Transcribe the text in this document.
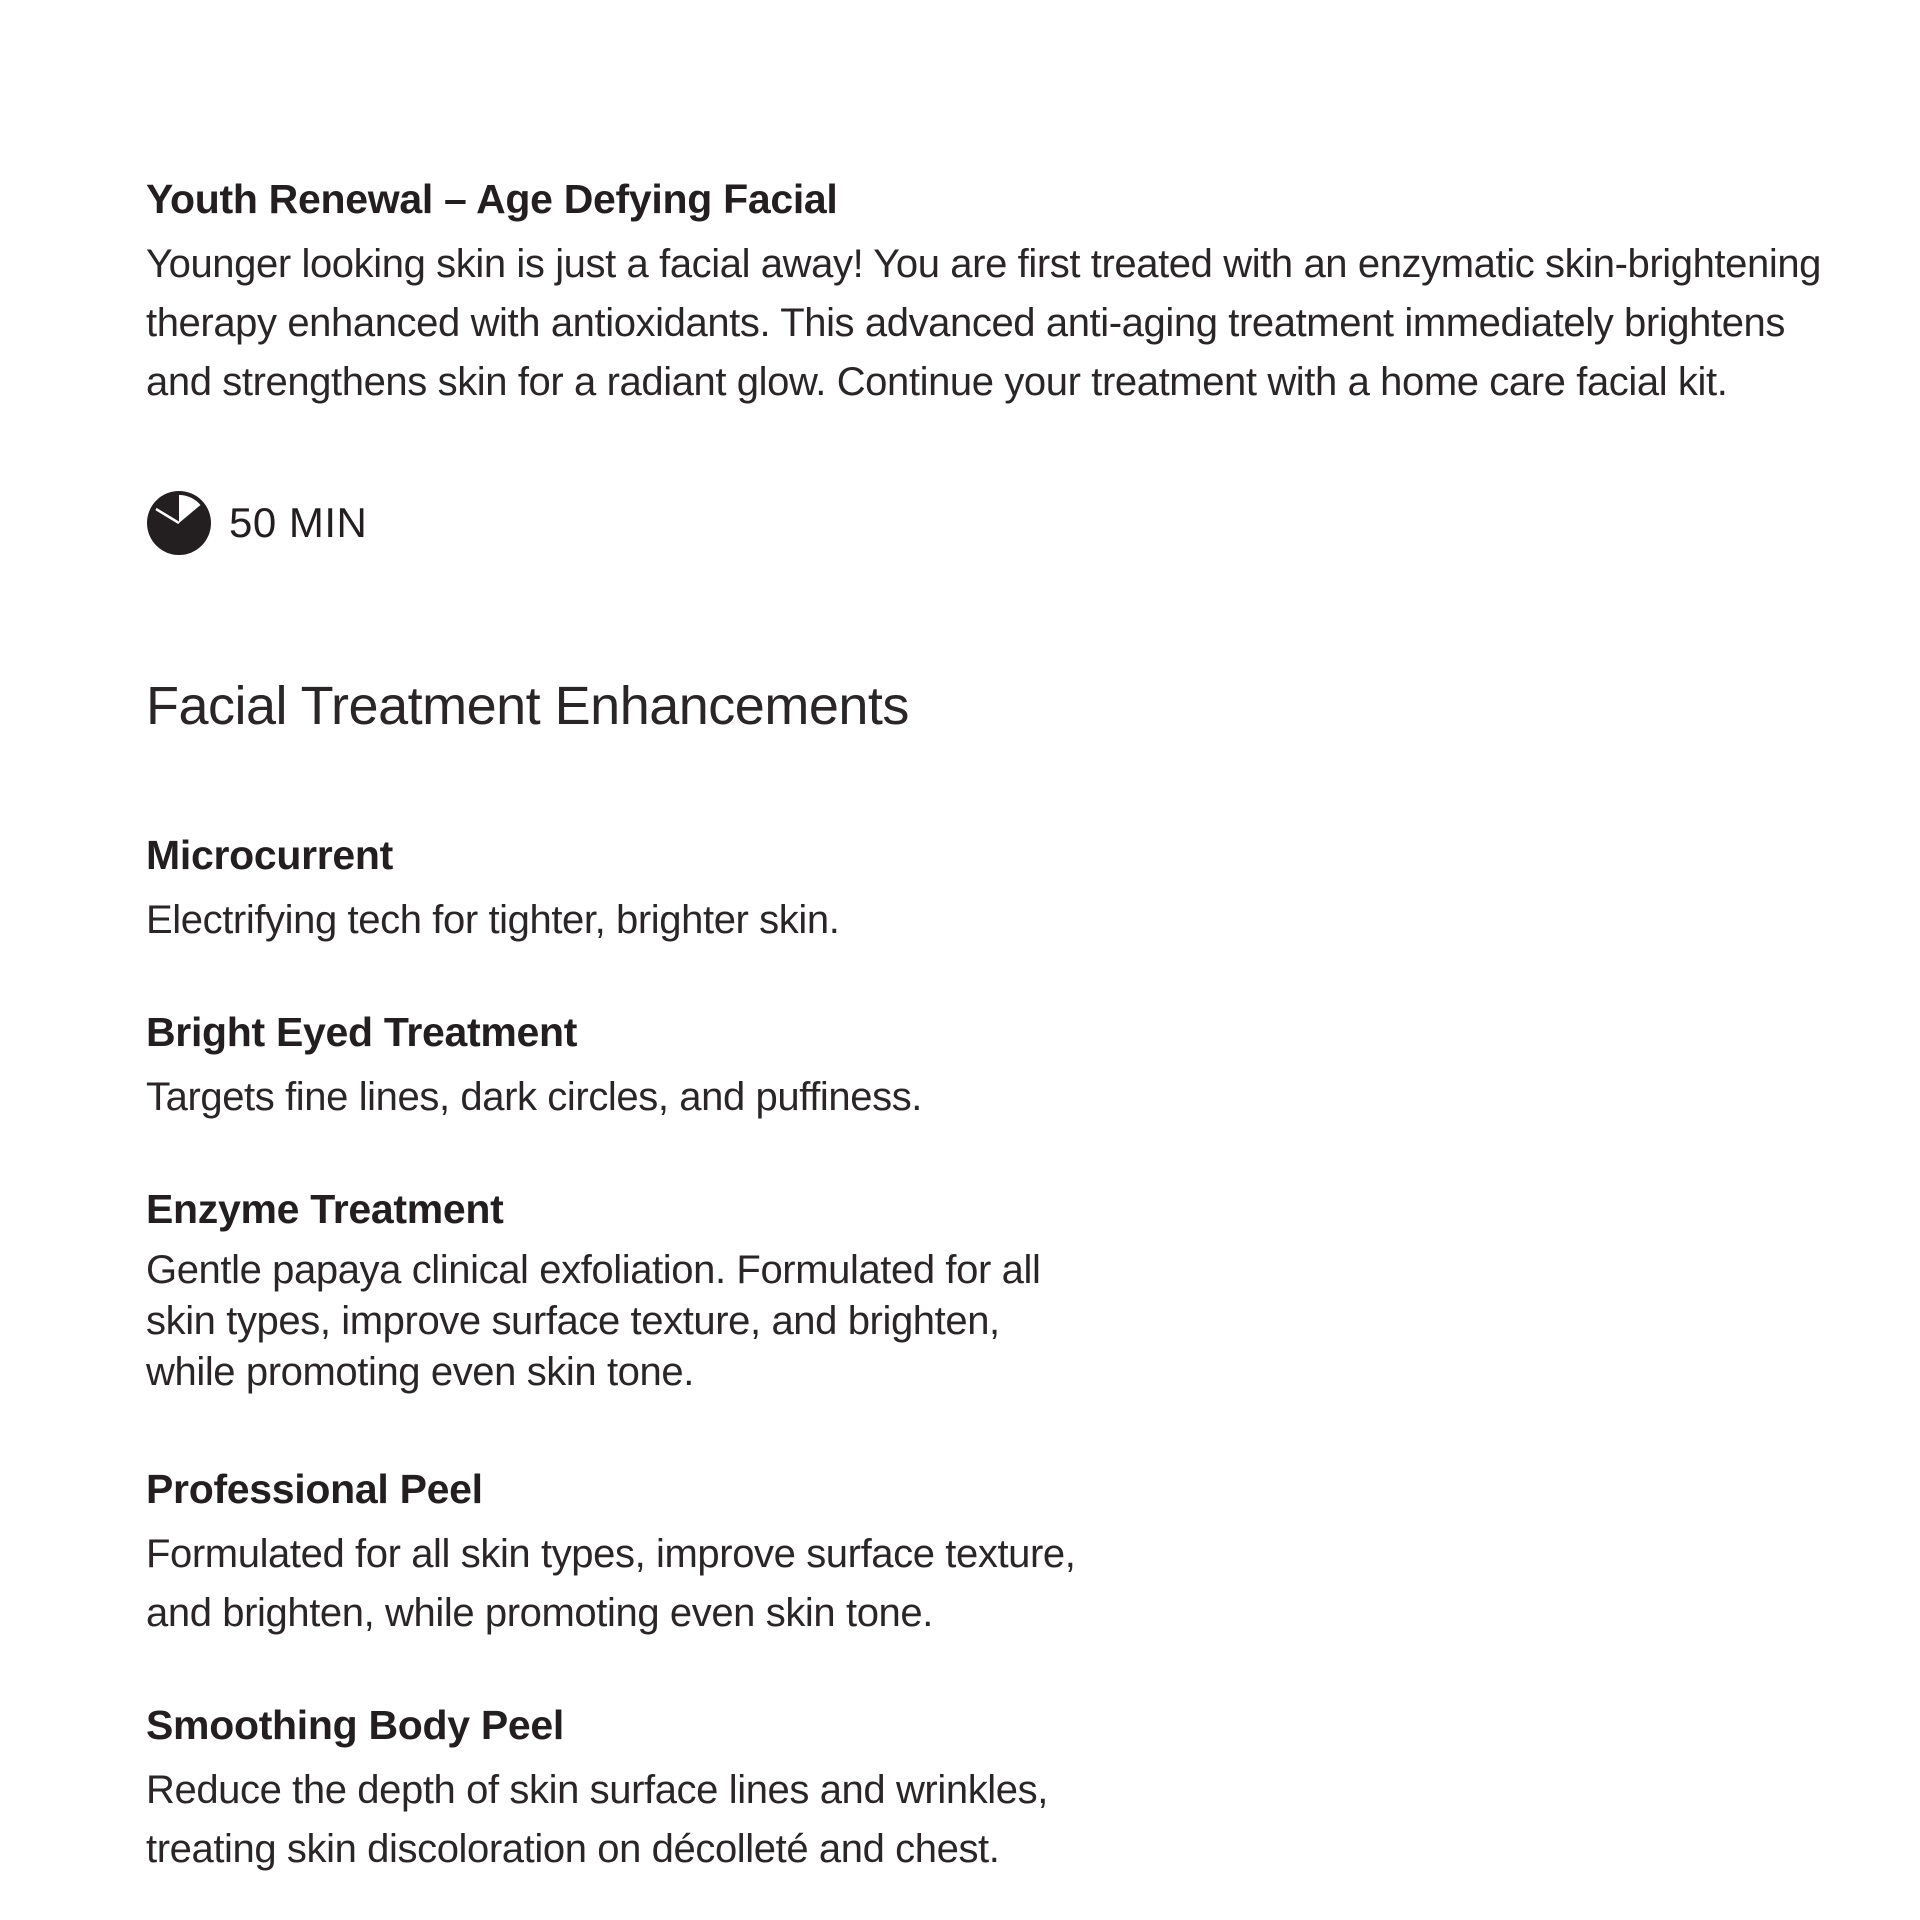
Youth Renewal – Age Defying Facial
Younger looking skin is just a facial away! You are first treated with an enzymatic skin-brightening therapy enhanced with antioxidants. This advanced anti-aging treatment immediately brightens and strengthens skin for a radiant glow. Continue your treatment with a home care facial kit.
50 MIN
Facial Treatment Enhancements
Microcurrent
Electrifying tech for tighter, brighter skin.
Bright Eyed Treatment
Targets fine lines, dark circles, and puffiness.
Enzyme Treatment
Gentle papaya clinical exfoliation. Formulated for all
skin types, improve surface texture, and brighten,
while promoting even skin tone.
Professional Peel
Formulated for all skin types, improve surface texture,
and brighten, while promoting even skin tone.
Smoothing Body Peel
Reduce the depth of skin surface lines and wrinkles,
treating skin discoloration on décolleté and chest.
